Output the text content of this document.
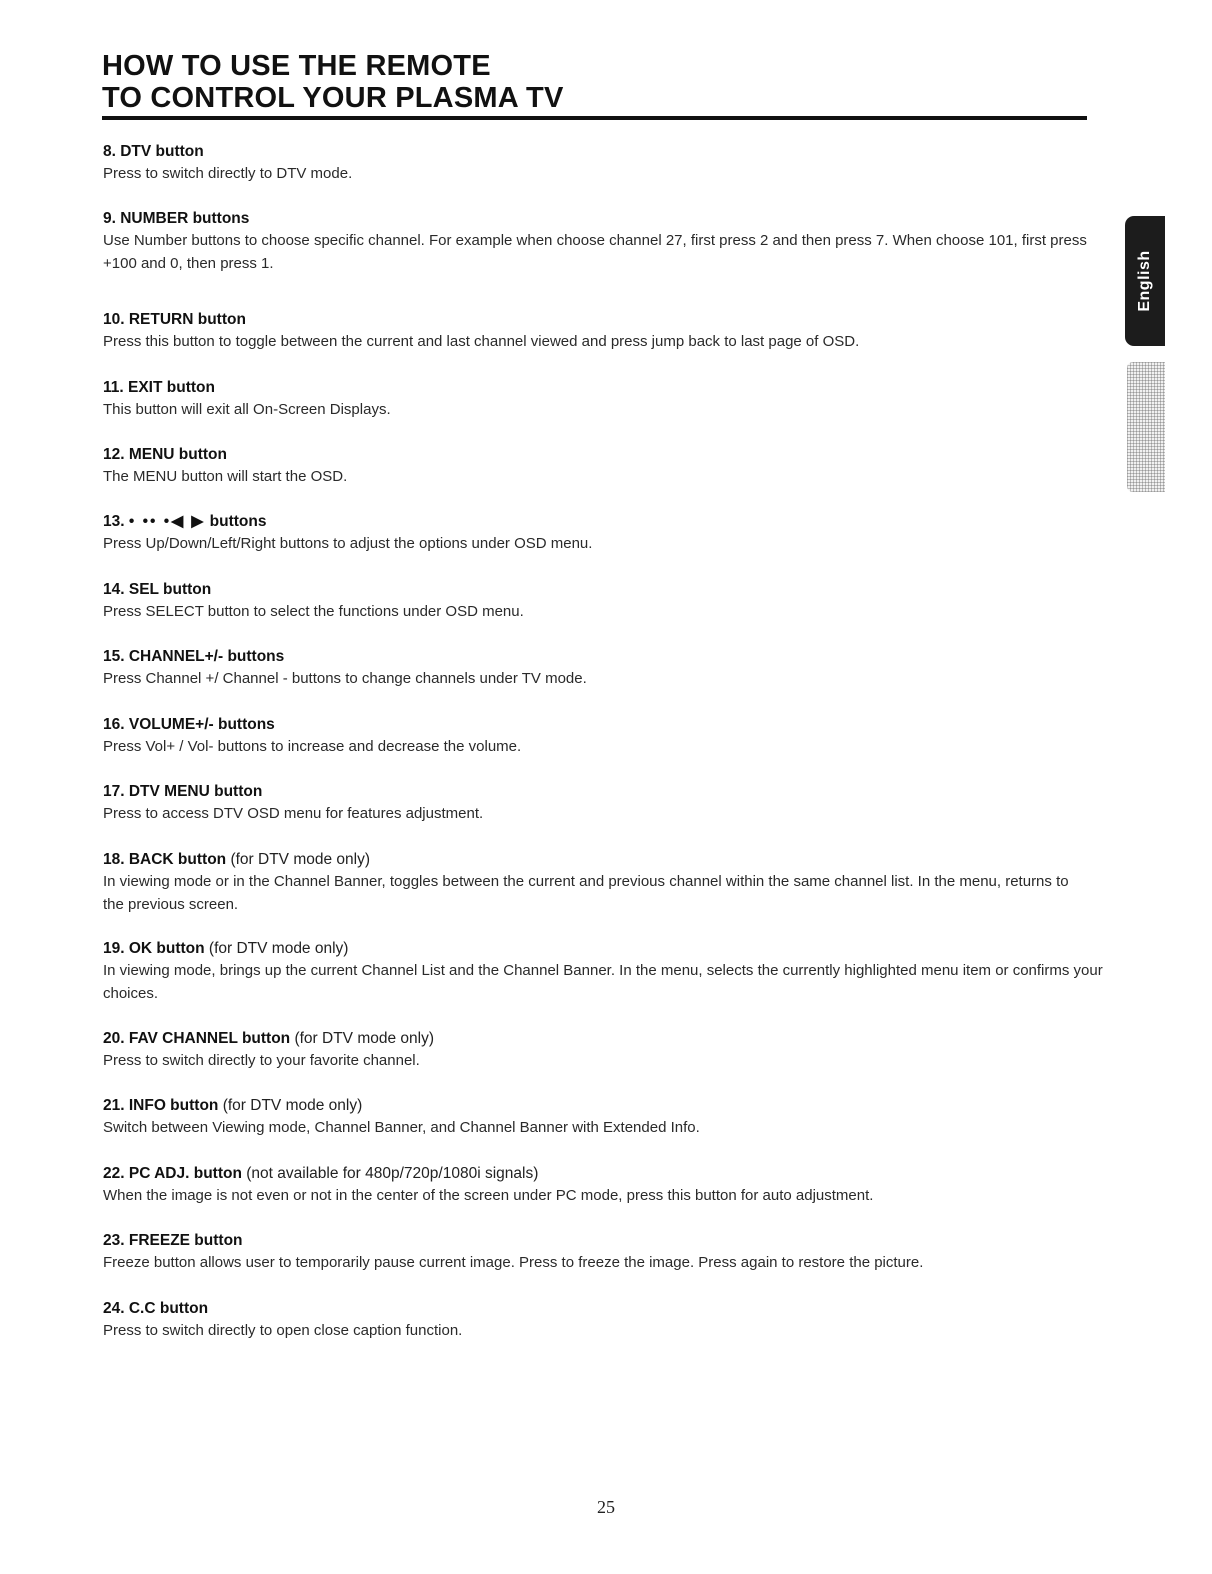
HOW TO USE THE REMOTE
TO CONTROL YOUR PLASMA TV
English
8. DTV button
Press to switch directly to DTV mode.
9. NUMBER buttons
Use Number buttons to choose specific channel. For example when choose channel 27, first press 2 and then press 7. When choose 101, first press +100 and 0, then press 1.
10. RETURN button
Press this button to toggle between the current and last channel viewed and press jump back to last page of OSD.
11. EXIT button
This button will exit all On-Screen Displays.
12. MENU button
The MENU button will start the OSD.
13. • •• •◀ ▶ buttons
Press Up/Down/Left/Right buttons to adjust the options under OSD menu.
14. SEL button
Press SELECT button to select the functions under OSD menu.
15. CHANNEL+/- buttons
Press Channel +/ Channel - buttons to change channels under TV mode.
16. VOLUME+/- buttons
Press Vol+ / Vol- buttons to increase and decrease the volume.
17. DTV MENU button
Press to access DTV OSD menu for features adjustment.
18. BACK button (for DTV mode only)
In viewing mode or in the Channel Banner, toggles between the current and previous channel within the same channel list. In the menu, returns to the previous screen.
19. OK button (for DTV mode only)
In viewing mode, brings up the current Channel List and the Channel Banner. In the menu, selects the currently highlighted menu item or confirms your choices.
20. FAV CHANNEL button (for DTV mode only)
Press to switch directly to your favorite channel.
21. INFO button (for DTV mode only)
Switch between Viewing mode, Channel Banner, and Channel Banner with Extended Info.
22. PC ADJ. button (not available for 480p/720p/1080i signals)
When the image is not even or not in the center of the screen under PC mode, press this button for auto adjustment.
23. FREEZE button
Freeze button allows user to temporarily pause current image. Press to freeze the image. Press again to restore the picture.
24. C.C button
Press to switch directly to open close caption function.
25
